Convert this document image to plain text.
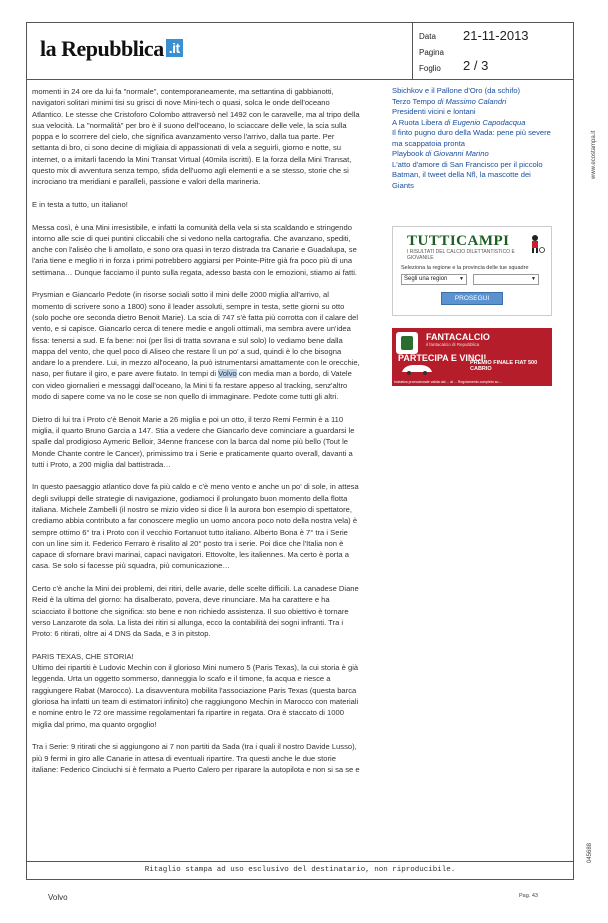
la Repubblica .it
Data 21-11-2013
Pagina
Foglio 2 / 3
www.ecostampa.it
045688

momenti in 24 ore da lui fa "normale", contemporaneamente, ma settantina di gabbianotti, navigatori solitari minimi tisi su grisci di nove Mini-tech o quasi, solca le onde dell'oceano Atlantico. Le stesse che Cristoforo Colombo attraversò nel 1492 con le caravelle, ma al tripo della sua velocità. La "normalità" per bro è il suono dell'oceano, lo sciaccare delle vele, la scia sulla poppa e lo scorrere del cielo, che significa avanzamento verso l'arrivo, dalla tua parte. Per settanta di bro, ci sono decine di migliaia di appassionati di vela a seguirli, giorno e notte, su internet, o a imitarli facendo la Mini Transat Virtual (40mila iscritti). E la forza della Mini Transat, questo mix di avventura senza tempo, sfida dell'uomo agli elementi e a se stesso, storie che si incrociano tra meridiani e paralleli, passione e valori della marineria.

E in testa a tutto, un italiano!

Messa così, è una Mini irresistibile, e infatti la comunità della vela si sta scaldando e stringendo intorno alle scie di quei puntini cliccabili che si vedono nella cartografia. Che avanzano, spediti, anche con l'alisèo che li amollato, e sono ora quasi in terzo distrada tra Canarie e Guadalupa, se l'aria tiene e meglio ri in forza i primi potrebbero aggiarsi per Pointe-Pitre già fra poco più di una settimana… Dunque facciamo il punto sulla regata, adesso basta con le emozioni, stiamo ai fatti.

Prysmian e Giancarlo Pedote (in risorse sociali sotto il mini delle 2000 miglia all'arrivo, al momento di scrivere sono a 1800) sono il leader assoluti, sempre in testa, sette giorni su otto (solo poche ore seconda dietro Benoit Marie). La scia di 747 s'è fatta più corrotta con il calare del vento, e si capisce. Giancarlo cerca di tenere medie e angoli ottimali, ma sembra avere un'idea fissa: tenersi a sud. E fa bene: noi (per lìsi di tratta sovrana e sul solo) lo vediamo bene dalla mappa del vento, che quel poco di Aliseo che restare lì un po' a sud, quindi è lo che bisogna andare lo a prendere. Lui, in mezzo all'oceano, la può istrumentarsi amattamente con le orecchie, naso, per fiutare il giro, e pare avere fiutato. In tempi di Volvo con media man a bordo, di Vatele con video giornalieri e messaggi dall'oceano, la Mini ti fa restare appeso al tracking, senz'altro modo di sapere come va no le cose se non quello di immaginare. Pedote come tutti gli altri.

Dietro di lui tra i Proto c'è Benoit Marie a 26 miglia e poi un otto, il terzo Remi Fermin è a 110 miglia, il quarto Bruno Garcia a 147. Stia a vedere che Giancarlo deve cominciare a guardarsi le spalle dal prodigioso Aymeric Belloir, 34enne francese con la barca dal nome più bello (Tout le Monde Chante contre le Cancer), primissimo tra i Serie e praticamente quarto overall, davanti a tutti i Proto, a 200 miglia dal battistrada…

In questo paesaggio atlantico dove fa più caldo e c'è meno vento e anche un po' di sole, in attesa degli sviluppi delle strategie di navigazione, godiamoci il prolungato buon momento della flotta italiana. Michele Zambelli (il nostro se mizio video si dice lì la aurora bon esempio di spettatore, crediamo abbia contributo a far conoscere meglio un uomo ancora poco noto della nostra vela) è sempre ottimo 6° tra i Proto con il vecchio Fortanuot tutto italiano. Alberto Bona è 7° tra i Serie con un line sim it. Federico Ferraro è risalito al 20° posto tra i serie. Poi dice che l'Italia non è capace di sfornare bravi marinai, capaci navigatori. Ettovolte, les italiennes. Ma certo è porta a casa. Se solo si facesse più squadra, più comunicazione…

Certo c'è anche la Mini dei problemi, dei ritiri, delle avarie, delle scelte difficili. La canadese Diane Reid è la ultima del giorno: ha disalberato, povera, deve rinunciare. Ma ha carattere e ha sciacciato il bottone che significa: sto bene e non richiedo assistenza. Il suo obiettivo è tornare verso Lanzarote da sola. La lista dei ritiri si allunga, ecco la contabilità dei sogni infranti. Tra i Proto: 6 ritirati, oltre ai 4 DNS da Sada, e 3 in pitstop.

PARIS TEXAS, CHE STORIA!

Ultimo dei ripartiti è Ludovic Mechin con il glorioso Mini numero 5 (Paris Texas), la cui storia è già leggenda. Urta un oggetto sommerso, danneggia lo scafo e il timone, fa acqua e riesce a raggiungere Rabat (Marocco). La disavventura mobilita l'associazione Paris Texas (questa barca gloriosa ha infatti un team di estimatori infinito) che raggiungono Mechin in Marocco con materiali e nomine entro le 72 ore massime regolamentari fa ripartire in regata. Ora è staccato di 1000 miglia dal primo, ma quanto orgoglio!

Tra i Serie: 9 ritirati che si aggiungono ai 7 non partiti da Sada (tra i quali il nostro Davide Lusso), più 9 fermi in giro alle Canarie in attesa di eventuali ripartire. Tra questi anche le due storie italiane: Federico Cinciuchi si è fermato a Puerto Calero per riparare la autopilota e non si sa se e

Sbichkov e il Pallone d'Oro (da schifo)
Terzo Tempo di Massimo Calandri
Presidenti vicini e lontani
A Ruota Libera di Eugenio Capodacqua
Il finto pugno duro della Wada: pene più severe ma scappatoia pronta
Playbook di Giovanni Marino
L'atto d'amore di San Francisco per il piccolo Batman, il tweet della Nfl, la mascotte dei Giants
TUTTICAMPI
I RISULTATI DEL CALCIO DILETTANTISTICO E GIOVANILE
Seleziona la regione e la provincia delle tue squadre
Segli una region ▼	▼
PROSEGUI
FANTACALCIO
il fantacalcio di Repubblica
PARTECIPA E VINCI!
PREMIO FINALE FIAT 500 CABRIO
Iniziativa promozionale valida dal ... al ... Regolamento completo su ...
Ritaglio stampa ad uso esclusivo del destinatario, non riproducibile.
Volvo	Pag. 43
